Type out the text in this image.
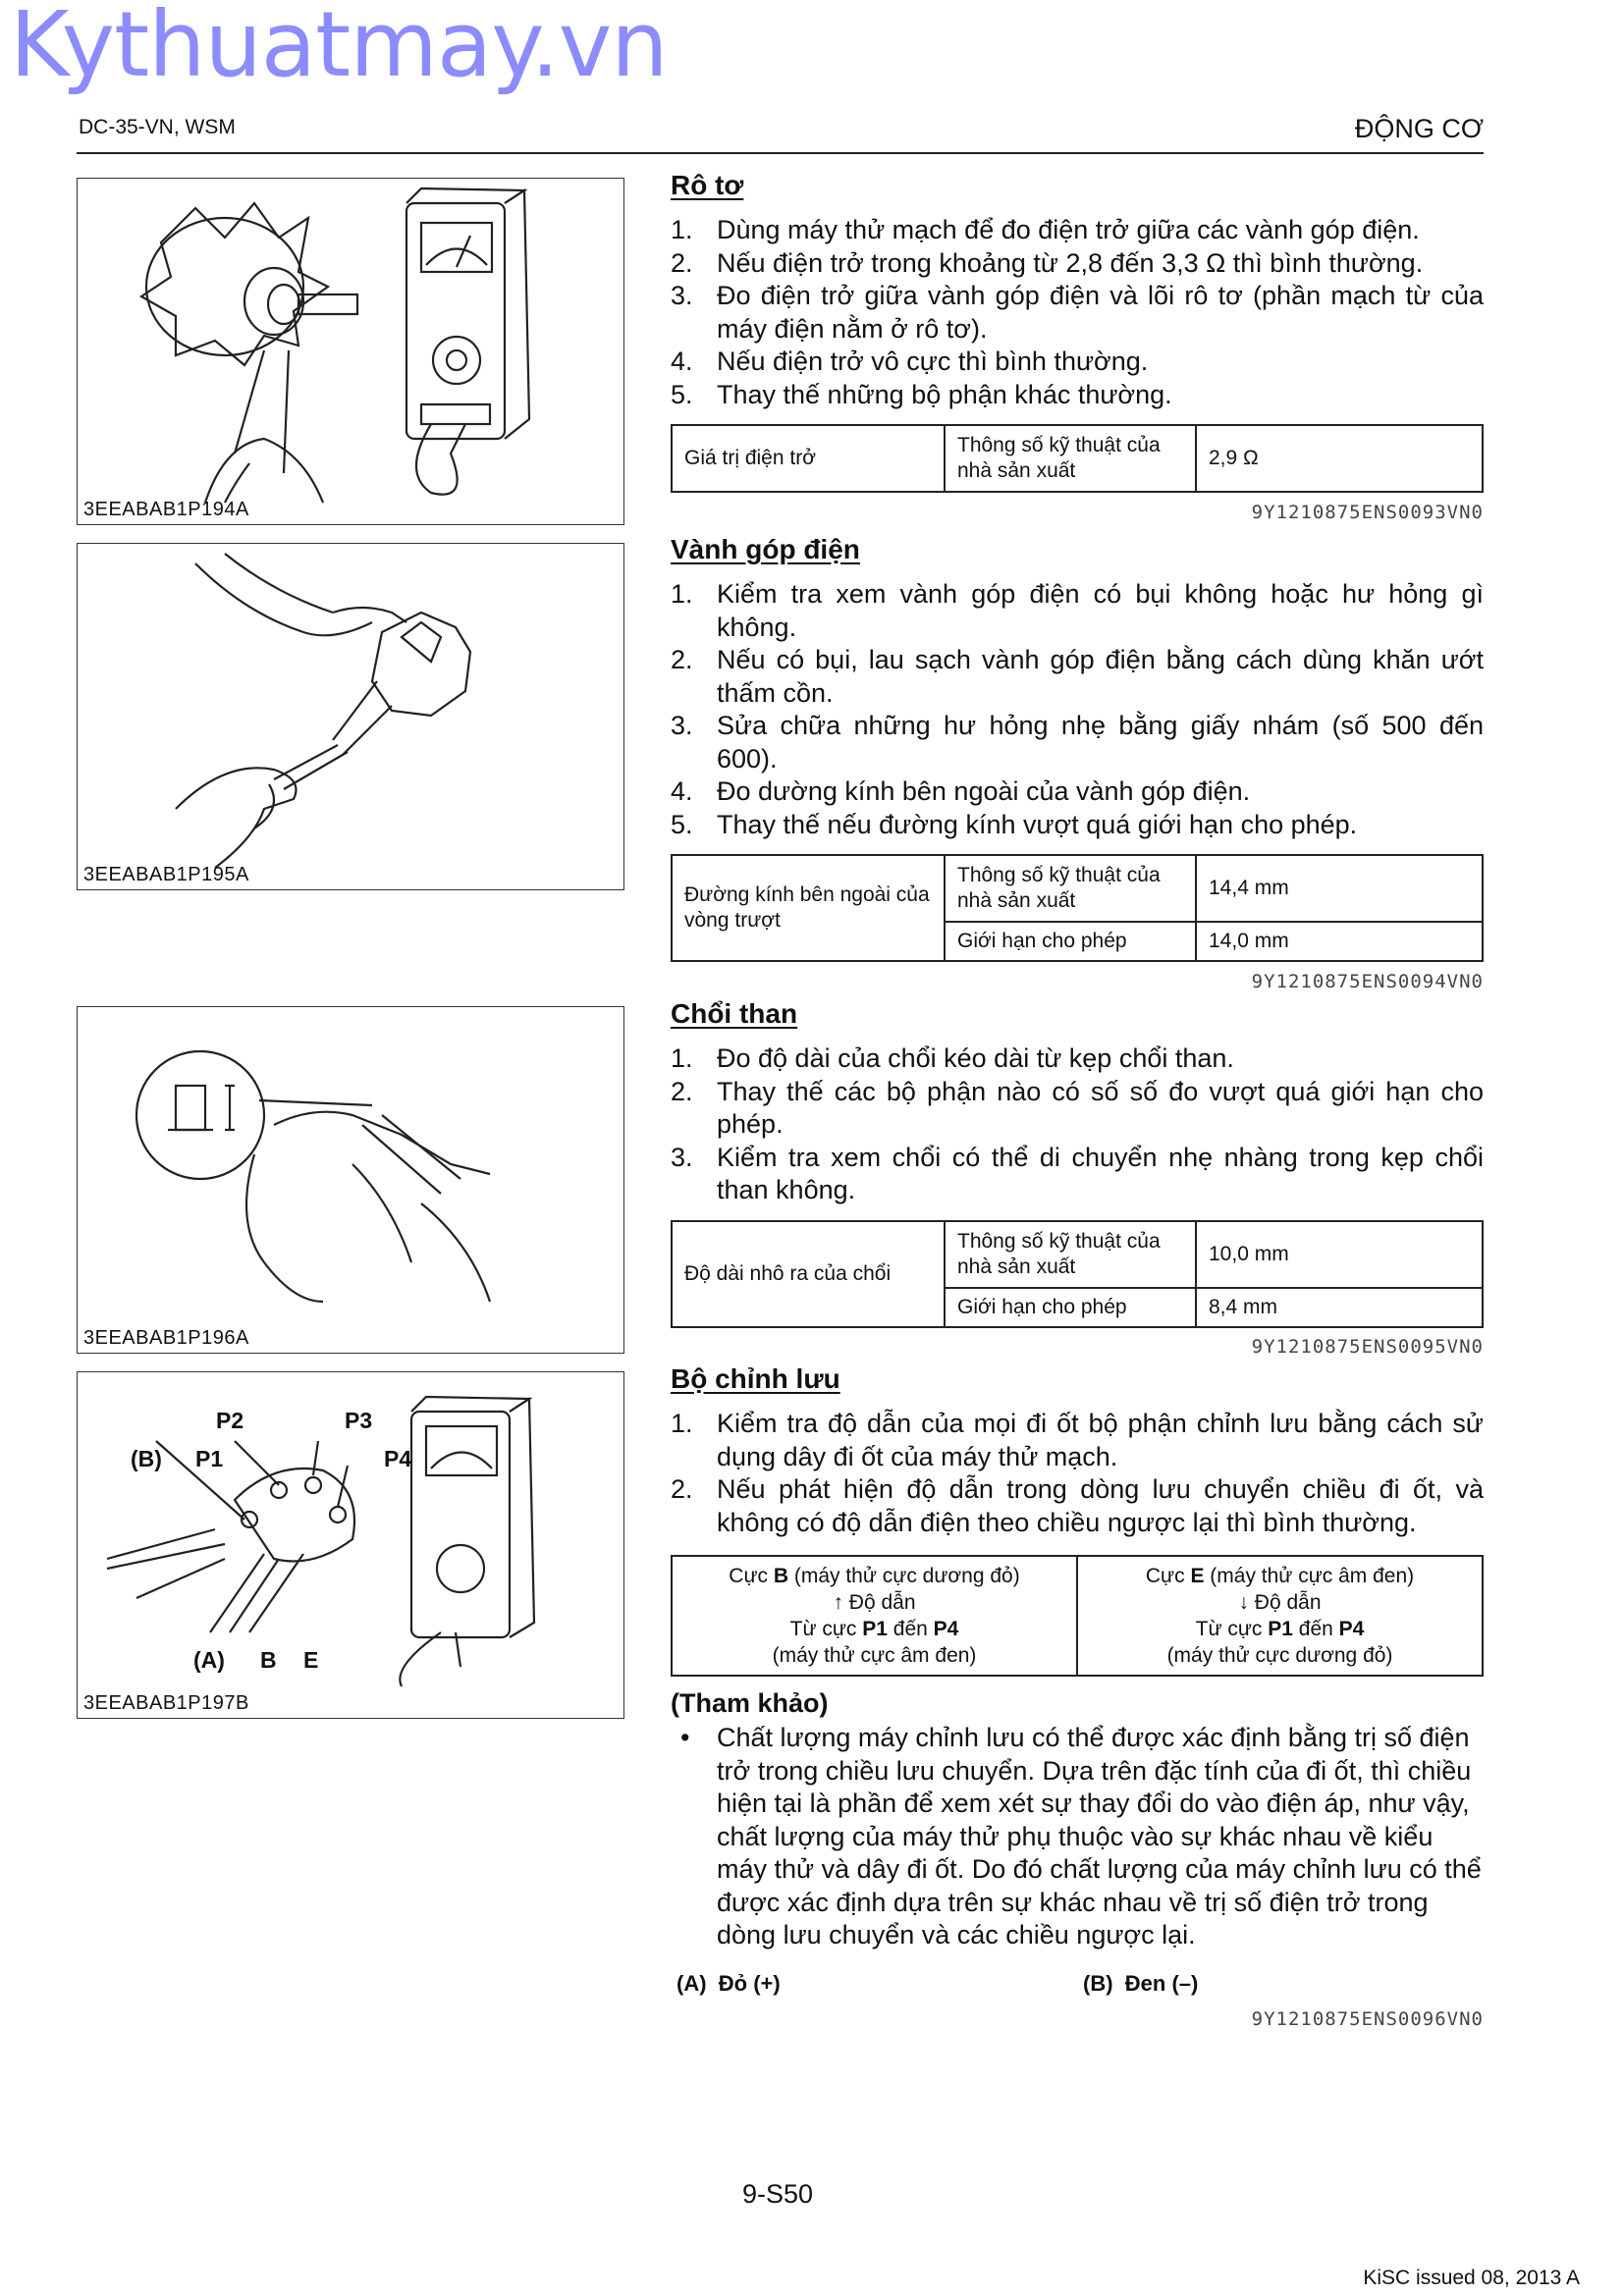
Kythuatmay.vn
DC-35-VN, WSM	ĐỘNG CƠ
3EEABAB1P194A
3EEABAB1P195A
3EEABAB1P196A
P2	P3
(B) P1	P4
(A) B E
3EEABAB1P197B
Rô tơ
1. Dùng máy thử mạch để đo điện trở giữa các vành góp điện.
2. Nếu điện trở trong khoảng từ 2,8 đến 3,3 Ω thì bình thường.
3. Đo điện trở giữa vành góp điện và lõi rô tơ (phần mạch từ của máy điện nằm ở rô tơ).
4. Nếu điện trở vô cực thì bình thường.
5. Thay thế những bộ phận khác thường.
Giá trị điện trở	Thông số kỹ thuật của nhà sản xuất	2,9 Ω
9Y1210875ENS0093VN0
Vành góp điện
1. Kiểm tra xem vành góp điện có bụi không hoặc hư hỏng gì không.
2. Nếu có bụi, lau sạch vành góp điện bằng cách dùng khăn ướt thấm cồn.
3. Sửa chữa những hư hỏng nhẹ bằng giấy nhám (số 500 đến 600).
4. Đo dường kính bên ngoài của vành góp điện.
5. Thay thế nếu đường kính vượt quá giới hạn cho phép.
Đường kính bên ngoài của vòng trượt	Thông số kỹ thuật của nhà sản xuất	14,4 mm
	Giới hạn cho phép	14,0 mm
9Y1210875ENS0094VN0
Chổi than
1. Đo độ dài của chổi kéo dài từ kẹp chổi than.
2. Thay thế các bộ phận nào có số số đo vượt quá giới hạn cho phép.
3. Kiểm tra xem chổi có thể di chuyển nhẹ nhàng trong kẹp chổi than không.
Độ dài nhô ra của chổi	Thông số kỹ thuật của nhà sản xuất	10,0 mm
	Giới hạn cho phép	8,4 mm
9Y1210875ENS0095VN0
Bộ chỉnh lưu
1. Kiểm tra độ dẫn của mọi đi ốt bộ phận chỉnh lưu bằng cách sử dụng dây đi ốt của máy thử mạch.
2. Nếu phát hiện độ dẫn trong dòng lưu chuyển chiều đi ốt, và không có độ dẫn điện theo chiều ngược lại thì bình thường.
Cực B (máy thử cực dương đỏ)
↑ Độ dẫn
Từ cực P1 đến P4
(máy thử cực âm đen)

Cực E (máy thử cực âm đen)
↓ Độ dẫn
Từ cực P1 đến P4
(máy thử cực dương đỏ)
(Tham khảo)
• Chất lượng máy chỉnh lưu có thể được xác định bằng trị số điện trở trong chiều lưu chuyển. Dựa trên đặc tính của đi ốt, thì chiều hiện tại là phần để xem xét sự thay đổi do vào điện áp, như vậy, chất lượng của máy thử phụ thuộc vào sự khác nhau về kiểu máy thử và dây đi ốt. Do đó chất lượng của máy chỉnh lưu có thể được xác định dựa trên sự khác nhau về trị số điện trở trong dòng lưu chuyển và các chiều ngược lại.
(A) Đỏ (+)	(B) Đen (–)
9Y1210875ENS0096VN0
9-S50
KiSC issued 08, 2013 A
